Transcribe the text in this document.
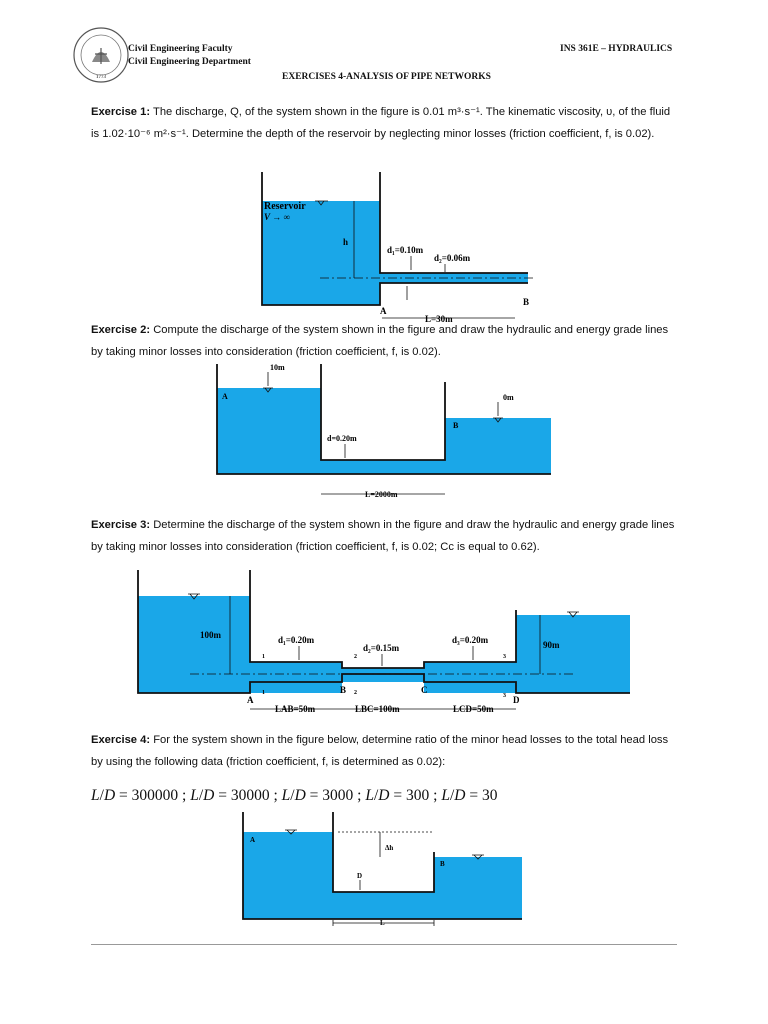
1773
Civil Engineering Faculty
Civil Engineering Department
INS 361E – HYDRAULICS
EXERCISES 4-ANALYSIS OF PIPE NETWORKS

Exercise 1: The discharge, Q, of the system shown in the figure is 0.01 m³·s⁻¹. The kinematic viscosity, υ, of the fluid is 1.02·10⁻⁶ m²·s⁻¹. Determine the depth of the reservoir by neglecting minor losses (friction coefficient, f, is 0.02).

Reservoir
V → ∞
h
d₁=0.10m
d₂=0.06m
A
B
L=30m

Exercise 2: Compute the discharge of the system shown in the figure and draw the hydraulic and energy grade lines by taking minor losses into consideration (friction coefficient, f, is 0.02).

10m
A
d=0.20m
0m
B
L=2000m

Exercise 3: Determine the discharge of the system shown in the figure and draw the hydraulic and energy grade lines by taking minor losses into consideration (friction coefficient, f, is 0.02; Cc is equal to 0.62).

100m
90m
d₁=0.20m
d₂=0.15m
d₃=0.20m
1	2	3
1	2	3
A
B	C
D
LAB=50m	LBC=100m	LCD=50m

Exercise 4: For the system shown in the figure below, determine ratio of the minor head losses to the total head loss by using the following data (friction coefficient, f, is determined as 0.02):

L/D = 300000 ; L/D = 30000 ; L/D = 3000 ; L/D = 300 ; L/D = 30
A
B
Δh
D
L
